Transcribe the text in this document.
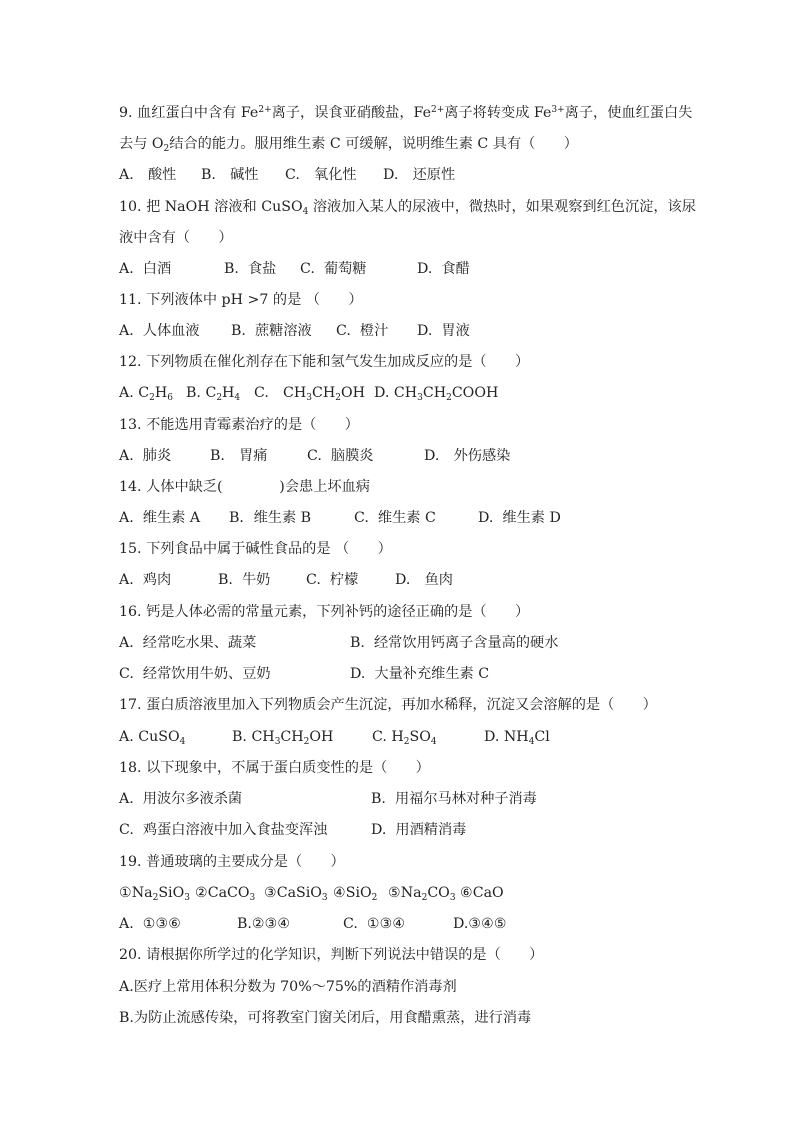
9. 血红蛋白中含有 $Fe^{2+}$离子，误食亚硝酸盐，$Fe^{2+}$离子将转变成 $Fe^{3+}$离子，使血红蛋白失
去与 $O_2$结合的能力。服用维生素 C 可缓解，说明维生素 C 具有（　　）
A.　酸性 B.　碱性 C.　氧化性 D.　还原性
10. 把 NaOH 溶液和 CuSO$_4$ 溶液加入某人的尿液中，微热时，如果观察到红色沉淀，该尿
液中含有（　　）
A.  白酒	B.  食盐 C.  葡萄糖	D.  食醋
11. 下列液体中 pH >7 的是 （　　）
A.  人体血液 B.  蔗糖溶液 C.  橙汁 D.  胃液
12. 下列物质在催化剂存在下能和氢气发生加成反应的是（　　）
A. $C_2H_6$ B. $C_2H_4$ C.　$CH_3CH_2OH$ D. $CH_3CH_2COOH$
13. 不能选用青霉素治疗的是（　　）
A.  肺炎	B.　胃痛	C.  脑膜炎	D.　外伤感染
14. 人体中缺乏(　　　　)会患上坏血病
A.  维生素 A B．维生素 B	C.  维生素 C	D.  维生素 D
15. 下列食品中属于碱性食品的是 （　　）
A.  鸡肉	B.  牛奶	C.  柠檬	D.　鱼肉
16. 钙是人体必需的常量元素，下列补钙的途径正确的是（　　）
A.  经常吃水果、蔬菜	B.  经常饮用钙离子含量高的硬水
C.  经常饮用牛奶、豆奶	D.  大量补充维生素 C
17. 蛋白质溶液里加入下列物质会产生沉淀，再加水稀释，沉淀又会溶解的是（　　）
A. CuSO$_4$	B. $CH_3CH_2OH$	C. $H_2SO_4$	D. $NH_4Cl$
18. 以下现象中，不属于蛋白质变性的是（　　）
A.  用波尔多液杀菌	B.  用福尔马林对种子消毒
C.  鸡蛋白溶液中加入食盐变浑浊	D.  用酒精消毒
19. 普通玻璃的主要成分是（　　）
$①Na_2SiO_3$ ②CaCO$_3$ ③CaSiO$_3$ ④SiO$_2$ $⑤Na_2CO_3$ ⑥CaO
A.  ①③⑥	B.②③④	C.  ①③④	D.③④⑤
20. 请根据你所学过的化学知识，判断下列说法中错误的是（　　）
A.医疗上常用体积分数为 70%～75%的酒精作消毒剂
B.为防止流感传染，可将教室门窗关闭后，用食醋熏蒸，进行消毒
